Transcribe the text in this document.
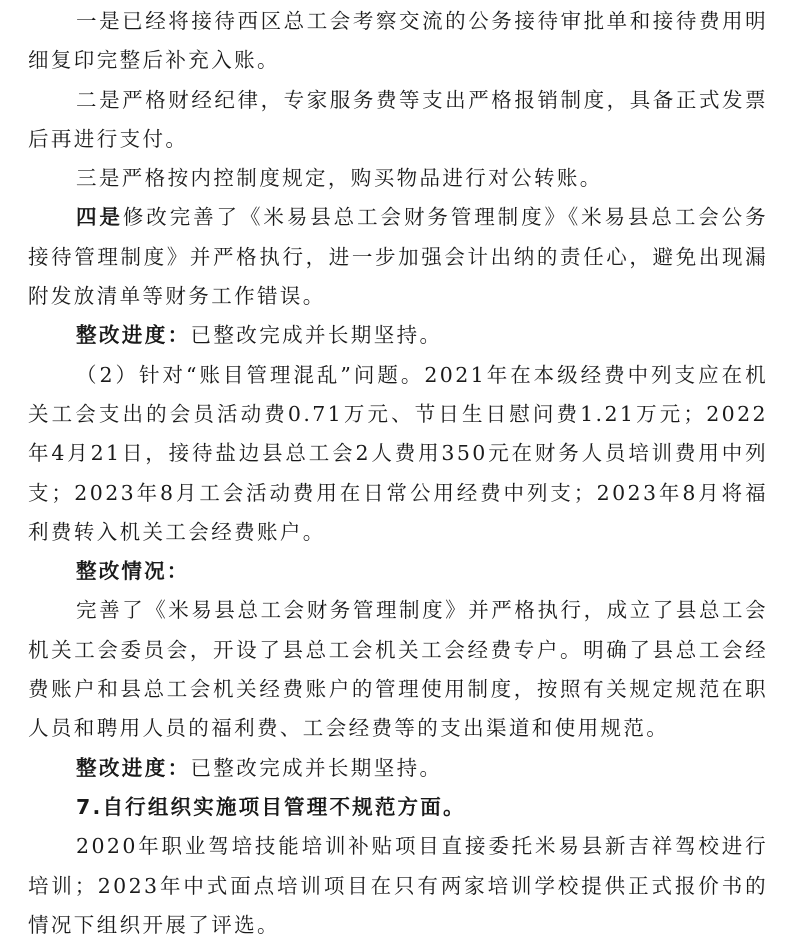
一是已经将接待西区总工会考察交流的公务接待审批单和接待费用明细复印完整后补充入账。

二是严格财经纪律，专家服务费等支出严格报销制度，具备正式发票后再进行支付。

三是严格按内控制度规定，购买物品进行对公转账。

四是修改完善了《米易县总工会财务管理制度》《米易县总工会公务接待管理制度》并严格执行，进一步加强会计出纳的责任心，避免出现漏附发放清单等财务工作错误。

整改进度：已整改完成并长期坚持。

（2）针对“账目管理混乱”问题。2021年在本级经费中列支应在机关工会支出的会员活动费0.71万元、节日生日慰问费1.21万元；2022年4月21日，接待盐边县总工会2人费用350元在财务人员培训费用中列支；2023年8月工会活动费用在日常公用经费中列支；2023年8月将福利费转入机关工会经费账户。

整改情况：

完善了《米易县总工会财务管理制度》并严格执行，成立了县总工会机关工会委员会，开设了县总工会机关工会经费专户。明确了县总工会经费账户和县总工会机关经费账户的管理使用制度，按照有关规定规范在职人员和聘用人员的福利费、工会经费等的支出渠道和使用规范。

整改进度：已整改完成并长期坚持。

7.自行组织实施项目管理不规范方面。

2020年职业驾培技能培训补贴项目直接委托米易县新吉祥驾校进行培训；2023年中式面点培训项目在只有两家培训学校提供正式报价书的情况下组织开展了评选。
